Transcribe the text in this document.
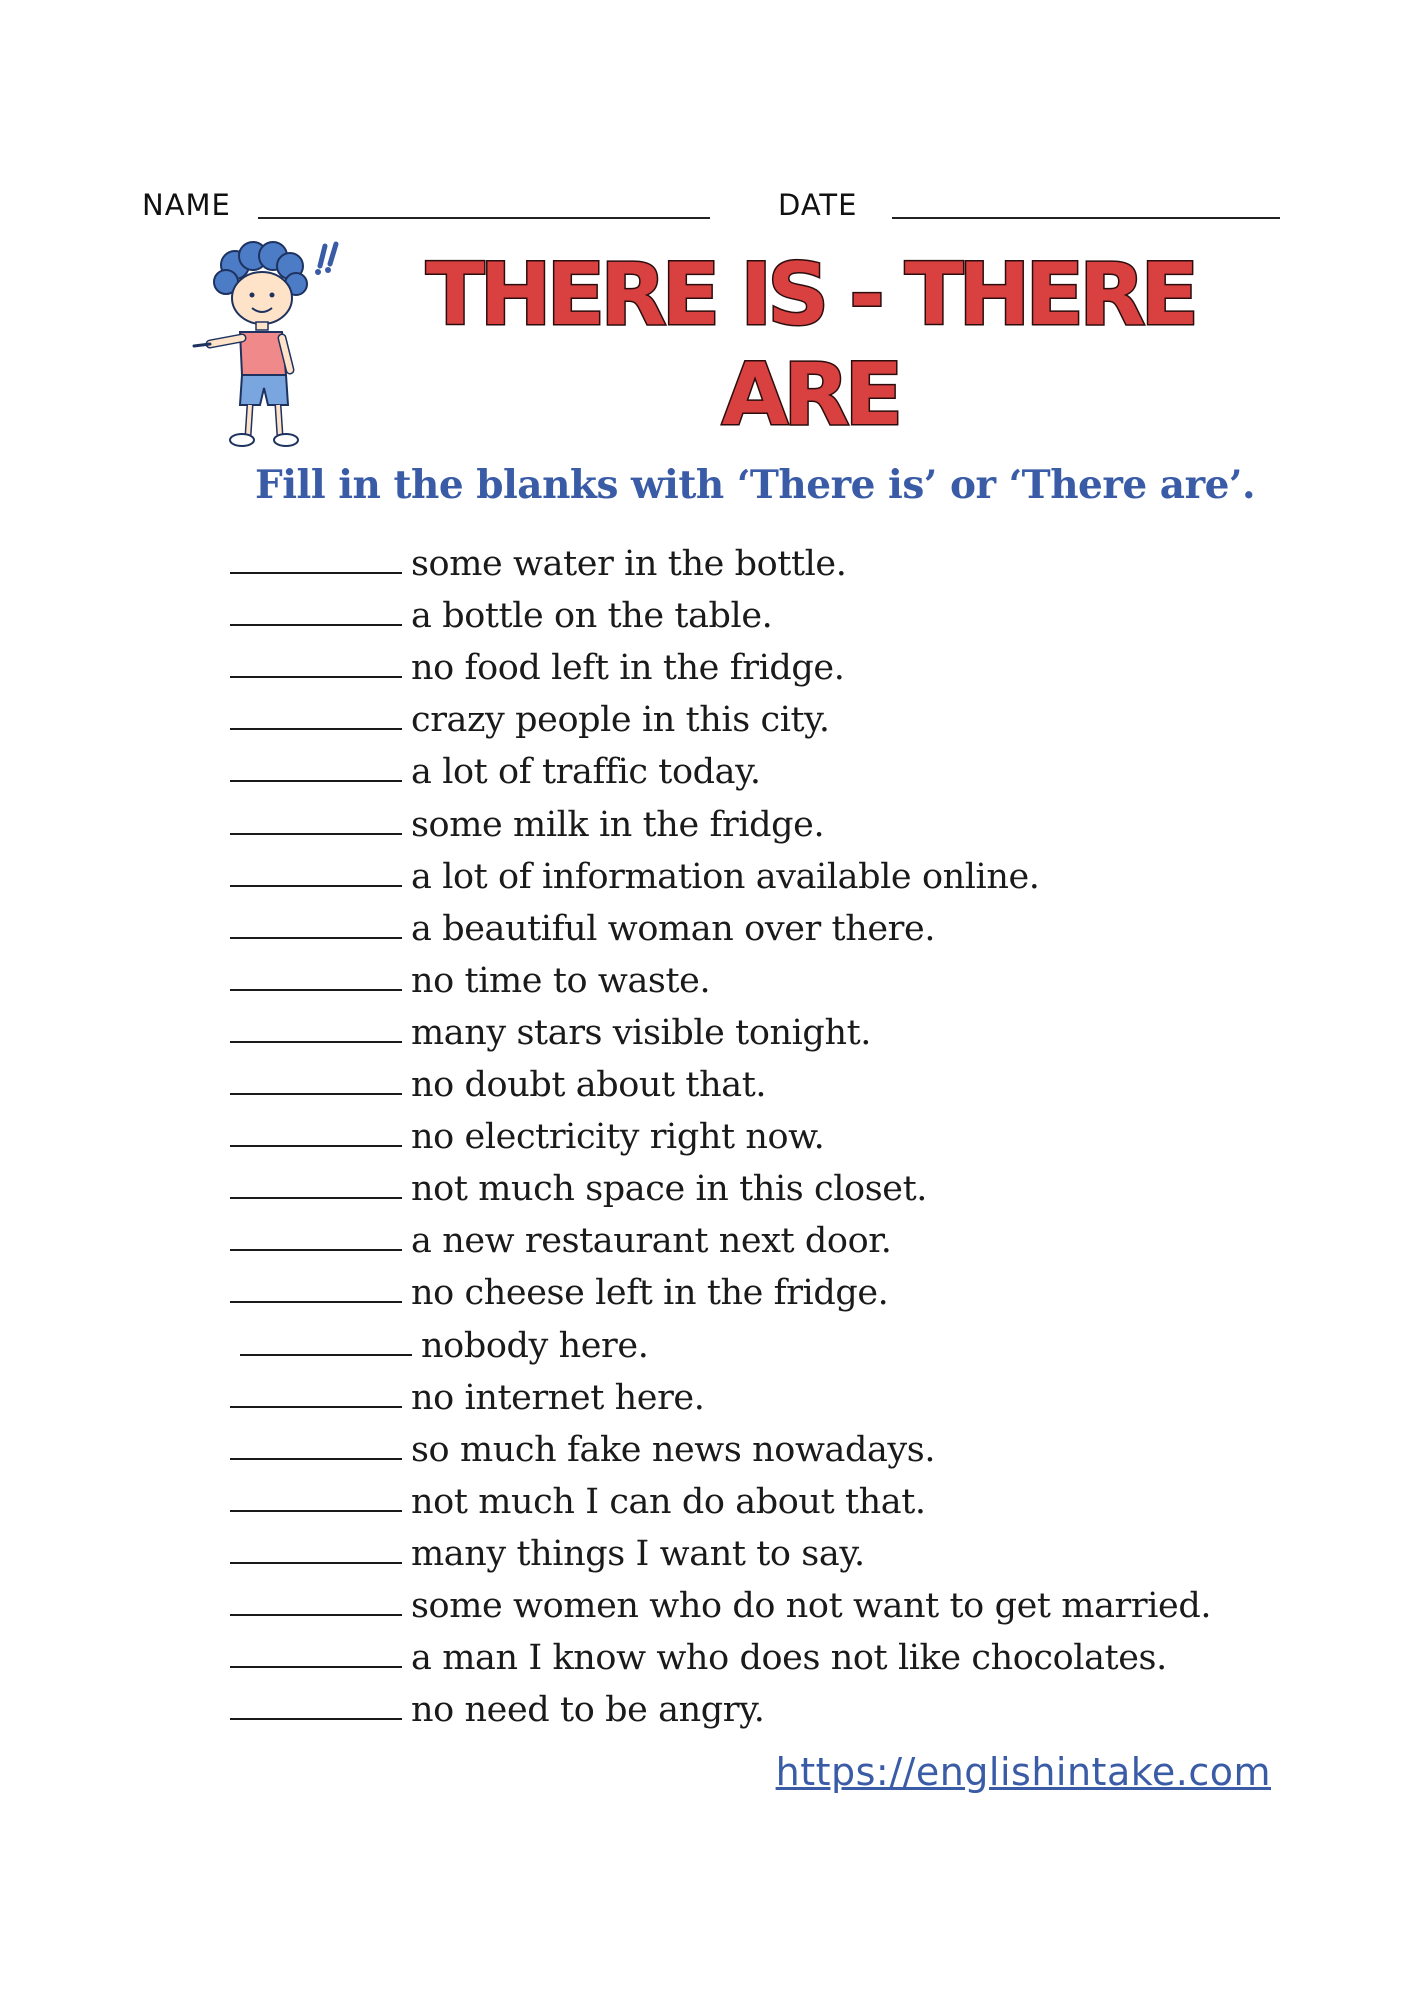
NAME	DATE
THERE IS - THERE
ARE
Fill in the blanks with ‘There is’ or ‘There are’.
some water in the bottle.
a bottle on the table.
no food left in the fridge.
crazy people in this city.
a lot of traffic today.
some milk in the fridge.
a lot of information available online.
a beautiful woman over there.
no time to waste.
many stars visible tonight.
no doubt about that.
no electricity right now.
not much space in this closet.
a new restaurant next door.
no cheese left in the fridge.
nobody here.
no internet here.
so much fake news nowadays.
not much I can do about that.
many things I want to say.
some women who do not want to get married.
a man I know who does not like chocolates.
no need to be angry.
https://englishintake.com
